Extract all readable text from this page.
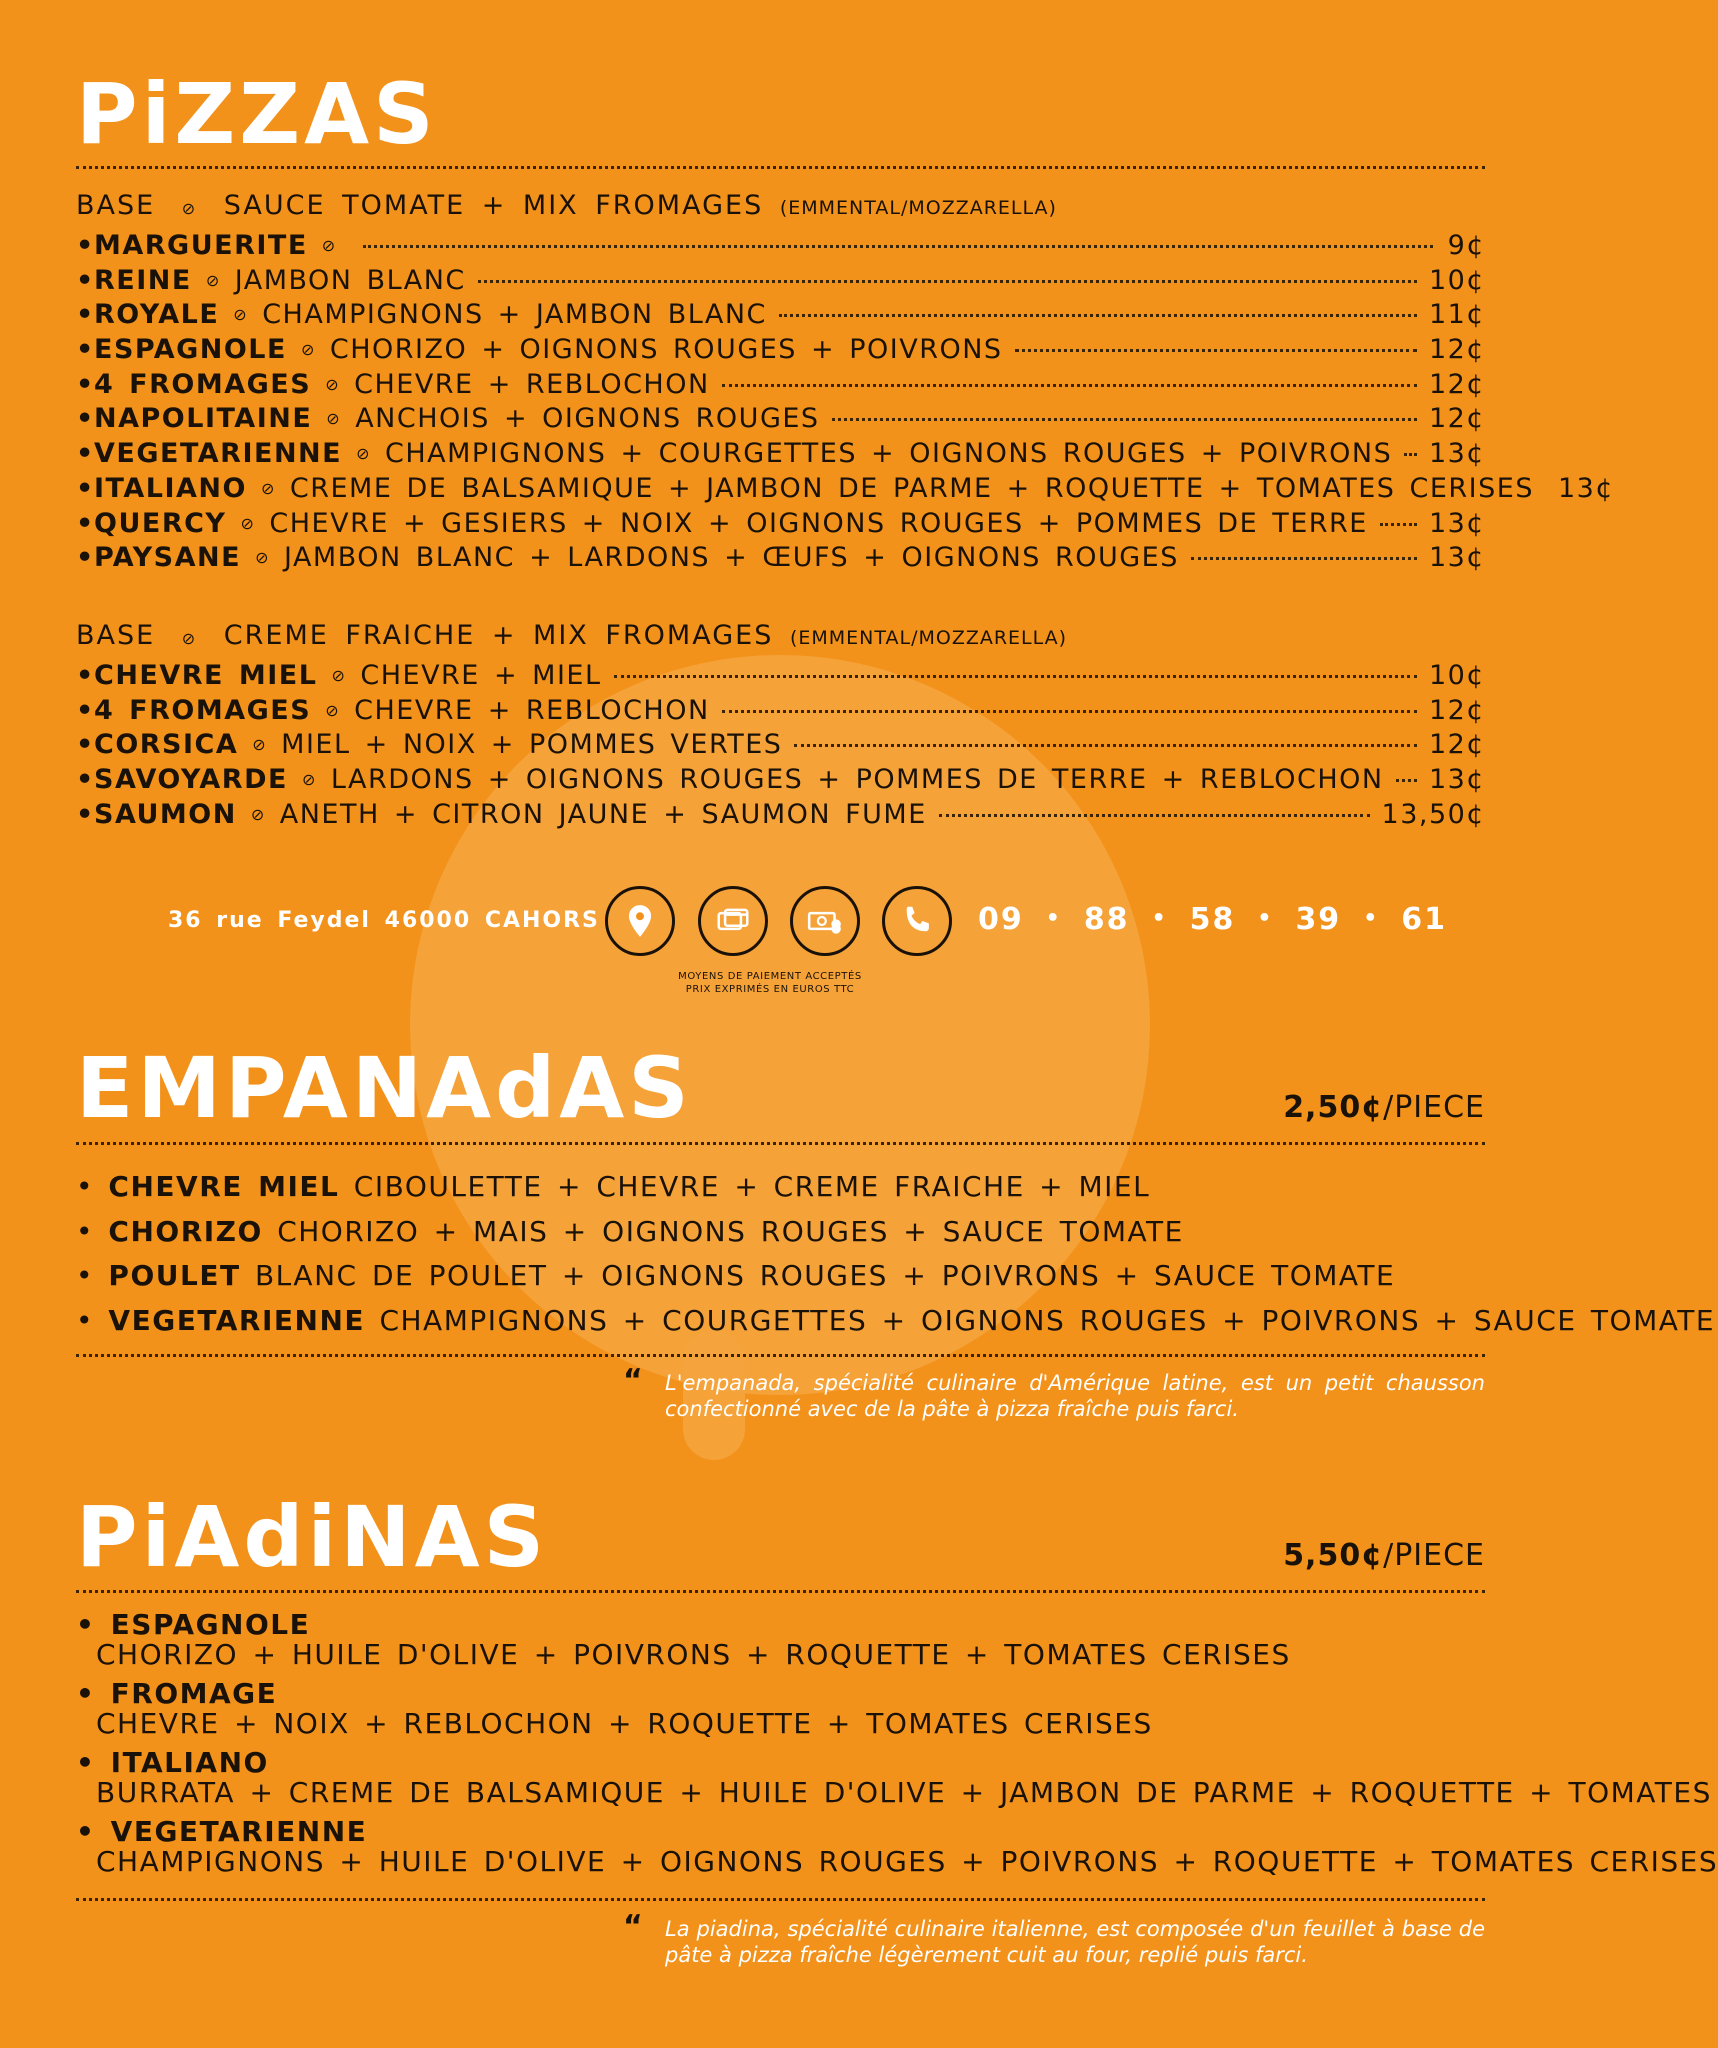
PiZZAS
BASE ⊘ SAUCE TOMATE + MIX FROMAGES (EMMENTAL/MOZZARELLA)
• MARGUERITE ⊘	9¢
• REINE ⊘ JAMBON BLANC	10¢
• ROYALE ⊘ CHAMPIGNONS + JAMBON BLANC	11¢
• ESPAGNOLE ⊘ CHORIZO + OIGNONS ROUGES + POIVRONS	12¢
• 4 FROMAGES ⊘ CHEVRE + REBLOCHON	12¢
• NAPOLITAINE ⊘ ANCHOIS + OIGNONS ROUGES	12¢
• VEGETARIENNE ⊘ CHAMPIGNONS + COURGETTES + OIGNONS ROUGES + POIVRONS 13¢
• ITALIANO ⊘ CREME DE BALSAMIQUE + JAMBON DE PARME + ROQUETTE + TOMATES CERISES 13¢
• QUERCY ⊘ CHEVRE + GESIERS + NOIX + OIGNONS ROUGES + POMMES DE TERRE 13¢
• PAYSANE ⊘ JAMBON BLANC + LARDONS + ŒUFS + OIGNONS ROUGES	13¢
BASE ⊘ CREME FRAICHE + MIX FROMAGES (EMMENTAL/MOZZARELLA)
• CHEVRE MIEL ⊘ CHEVRE + MIEL	10¢
• 4 FROMAGES ⊘ CHEVRE + REBLOCHON	12¢
• CORSICA ⊘ MIEL + NOIX + POMMES VERTES	12¢
• SAVOYARDE ⊘ LARDONS + OIGNONS ROUGES + POMMES DE TERRE + REBLOCHON 13¢
• SAUMON ⊘ ANETH + CITRON JAUNE + SAUMON FUME	13,50¢
36 rue Feydel 46000 CAHORS	09 • 88 • 58 • 39 • 61
MOYENS DE PAIEMENT ACCEPTÉS
PRIX EXPRIMÉS EN EUROS TTC
EMPANAdAS	2,50¢/PIECE
• CHEVRE MIEL CIBOULETTE + CHEVRE + CREME FRAICHE + MIEL
• CHORIZO CHORIZO + MAIS + OIGNONS ROUGES + SAUCE TOMATE
• POULET BLANC DE POULET + OIGNONS ROUGES + POIVRONS + SAUCE TOMATE
• VEGETARIENNE CHAMPIGNONS + COURGETTES + OIGNONS ROUGES + POIVRONS + SAUCE TOMATE
“ L'empanada, spécialité culinaire d'Amérique latine, est un petit chausson confectionné avec de la pâte à pizza fraîche puis farci.
PiAdiNAS	5,50¢/PIECE
• ESPAGNOLE
CHORIZO + HUILE D'OLIVE + POIVRONS + ROQUETTE + TOMATES CERISES
• FROMAGE
CHEVRE + NOIX + REBLOCHON + ROQUETTE + TOMATES CERISES
• ITALIANO
BURRATA + CREME DE BALSAMIQUE + HUILE D'OLIVE + JAMBON DE PARME + ROQUETTE + TOMATES
• VEGETARIENNE
CHAMPIGNONS + HUILE D'OLIVE + OIGNONS ROUGES + POIVRONS + ROQUETTE + TOMATES CERISES
“ La piadina, spécialité culinaire italienne, est composée d'un feuillet à base de pâte à pizza fraîche légèrement cuit au four, replié puis farci.
